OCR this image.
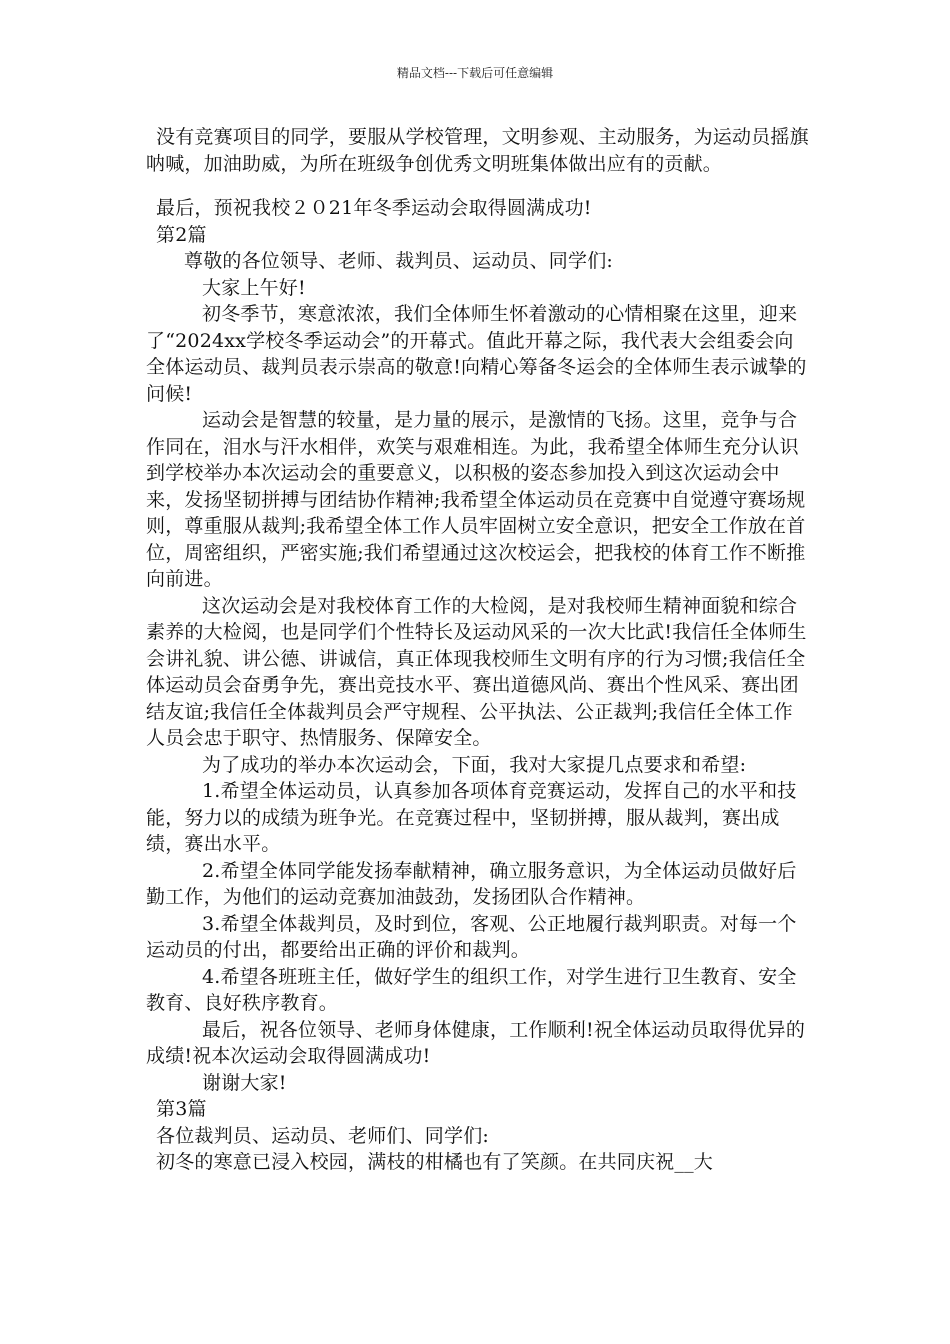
精品文档---下载后可任意编辑

没有竞赛项目的同学，要服从学校管理，文明参观、主动服务，为运动员摇旗呐喊，加油助威，为所在班级争创优秀文明班集体做出应有的贡献。

最后，预祝我校２０21年冬季运动会取得圆满成功!

第2篇

尊敬的各位领导、老师、裁判员、运动员、同学们:

大家上午好!

初冬季节，寒意浓浓，我们全体师生怀着激动的心情相聚在这里，迎来了“2024xx学校冬季运动会”的开幕式。值此开幕之际，我代表大会组委会向全体运动员、裁判员表示崇高的敬意!向精心筹备冬运会的全体师生表示诚挚的问候!

运动会是智慧的较量，是力量的展示，是激情的飞扬。这里，竞争与合作同在，泪水与汗水相伴，欢笑与艰难相连。为此，我希望全体师生充分认识到学校举办本次运动会的重要意义，以积极的姿态参加投入到这次运动会中来，发扬坚韧拼搏与团结协作精神;我希望全体运动员在竞赛中自觉遵守赛场规则，尊重服从裁判;我希望全体工作人员牢固树立安全意识，把安全工作放在首位，周密组织，严密实施;我们希望通过这次校运会，把我校的体育工作不断推向前进。

这次运动会是对我校体育工作的大检阅，是对我校师生精神面貌和综合素养的大检阅，也是同学们个性特长及运动风采的一次大比武!我信任全体师生会讲礼貌、讲公德、讲诚信，真正体现我校师生文明有序的行为习惯;我信任全体运动员会奋勇争先，赛出竞技水平、赛出道德风尚、赛出个性风采、赛出团结友谊;我信任全体裁判员会严守规程、公平执法、公正裁判;我信任全体工作人员会忠于职守、热情服务、保障安全。

为了成功的举办本次运动会，下面，我对大家提几点要求和希望:

1.希望全体运动员，认真参加各项体育竞赛运动，发挥自己的水平和技能，努力以的成绩为班争光。在竞赛过程中，坚韧拼搏，服从裁判，赛出成绩，赛出水平。

2.希望全体同学能发扬奉献精神，确立服务意识，为全体运动员做好后勤工作，为他们的运动竞赛加油鼓劲，发扬团队合作精神。

3.希望全体裁判员，及时到位，客观、公正地履行裁判职责。对每一个运动员的付出，都要给出正确的评价和裁判。

4.希望各班班主任，做好学生的组织工作，对学生进行卫生教育、安全教育、良好秩序教育。

最后，祝各位领导、老师身体健康，工作顺利!祝全体运动员取得优异的成绩!祝本次运动会取得圆满成功!

谢谢大家!

第3篇

各位裁判员、运动员、老师们、同学们:

初冬的寒意已浸入校园，满枝的柑橘也有了笑颜。在共同庆祝__大
